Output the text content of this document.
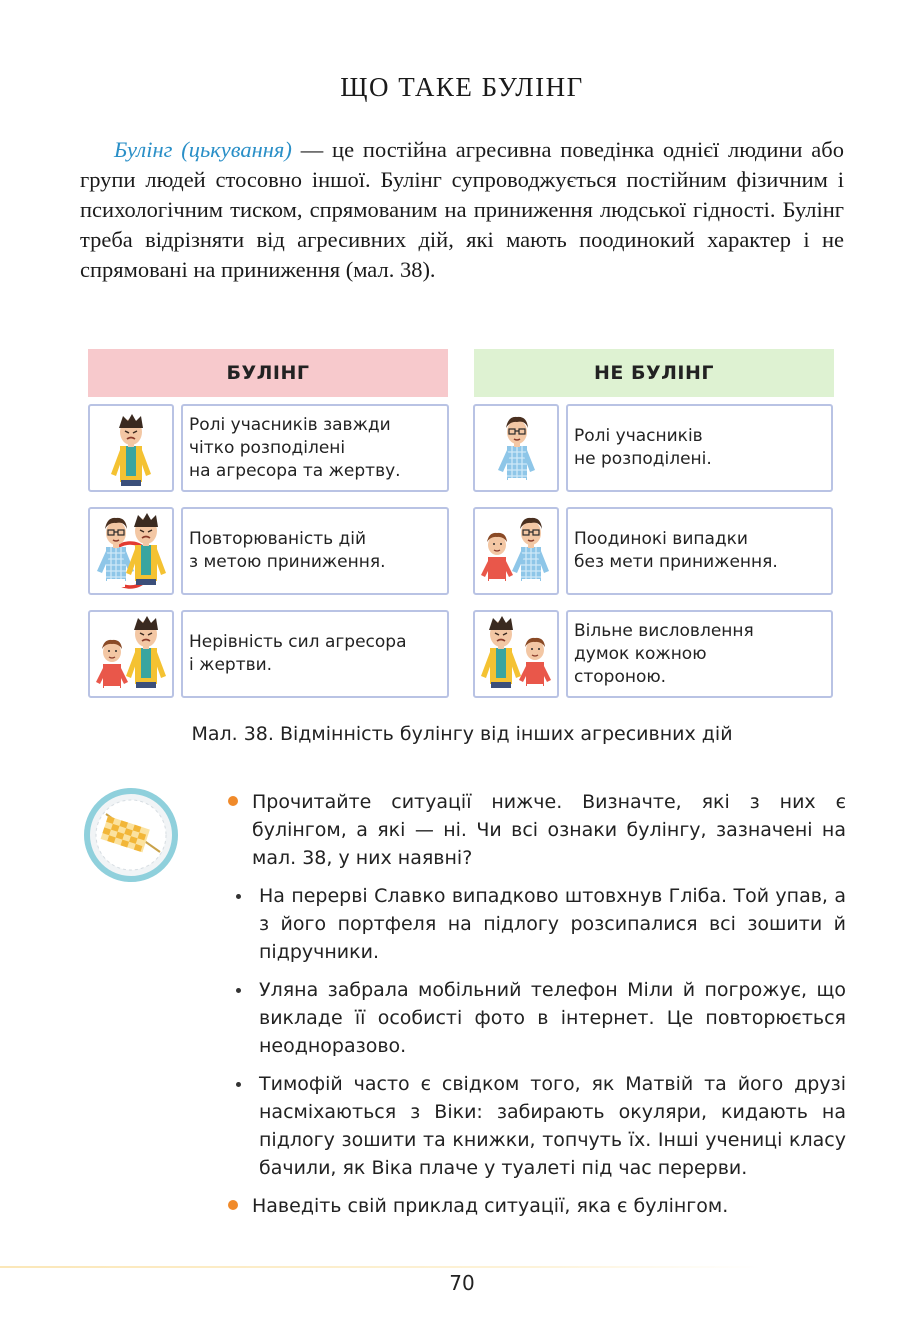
ЩО ТАКЕ БУЛІНГ

Булінг (цькування) — це постійна агресивна поведінка однієї людини або групи людей стосовно іншої. Булінг супроводжується постійним фізичним і психологічним тиском, спрямованим на приниження людської гідності. Булінг треба відрізняти від агресивних дій, які мають поодинокий характер і не спрямовані на приниження (мал. 38).

БУЛІНГ	НЕ БУЛІНГ
Ролі учасників завжди
чітко розподілені
на агресора та жертву.
Повторюваність дій
з метою приниження.
Нерівність сил агресора
і жертви.
Ролі учасників
не розподілені.
Поодинокі випадки
без мети приниження.
Вільне висловлення
думок кожною
стороною.
Мал. 38. Відмінність булінгу від інших агресивних дій
Прочитайте ситуації нижче. Визначте, які з них є булінгом, а які — ні. Чи всі ознаки булінгу, зазначені на мал. 38, у них наявні?
На перерві Славко випадково штовхнув Гліба. Той упав, а з його портфеля на підлогу розсипалися всі зошити й підручники.
Уляна забрала мобільний телефон Міли й погрожує, що викладе її особисті фото в інтернет. Це повторюється неодноразово.
Тимофій часто є свідком того, як Матвій та його друзі насміхаються з Віки: забирають окуляри, кидають на підлогу зошити та книжки, топчуть їх. Інші учениці класу бачили, як Віка плаче у туалеті під час перерви.
Наведіть свій приклад ситуації, яка є булінгом.
70
